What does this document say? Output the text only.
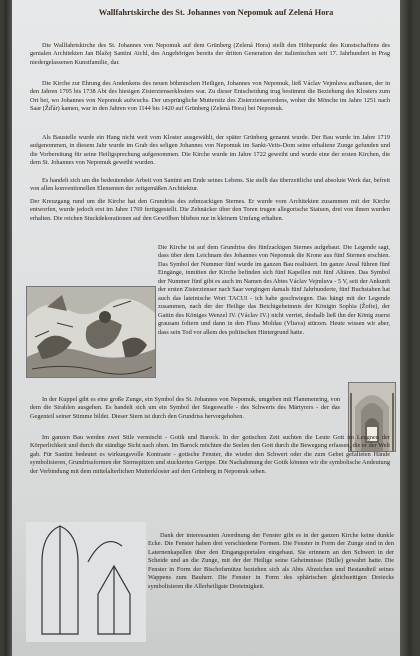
Wallfahrtskirche des St. Johannes von Nepomuk auf Zelená Hora

Die Wallfahrtskirche des St. Johannes von Nepomuk auf dem Grünberg (Zelená Hora) stellt den Höhepunkt des Kunstschaffens des genialen Architekten Jan Blažej Santini Aichl, des Angehörigen bereits der dritten Generation der italienischen seit 17. Jahrhundert in Prag niedergelassenen Kunstfamilie, dar.

Die Kirche zur Ehrung des Andenkens des neuen böhmischen Heiligen, Johannes von Nepomuk, ließ Václav Vejmluva aufbauen, der in den Jahren 1705 bis 1738 Abt des hiesigen Zisterzienserklosters war. Zu dieser Entscheidung trug bestimmt die Beziehung des Klosters zum Ort bei, wo Johannes von Nepomuk aufwuchs. Der ursprüngliche Muttersitz des Zisterzienserordens, woher die Mönche im Jahre 1251 nach Saar (Žďár) kamen, war in den Jahren von 1144 bis 1420 auf Grünberg (Zelená Hora) bei Nepomuk.

Als Baustelle wurde ein Hang nicht weit vom Kloster ausgewählt, der später Grünberg genannt wurde. Der Bau wurde im Jahre 1719 aufgenommen, in diesem Jahr wurde im Grab des seligen Johannes von Nepomuk im Sankt-Veits-Dom seine erhaltene Zunge gefunden und die Vorbereitung für seine Heiligsprechung aufgenommen. Die Kirche wurde im Jahre 1722 geweiht und wurde eine der ersten Kirchen, die dem St. Johannes von Nepomuk geweiht wurden.

Es handelt sich um die bedeutendste Arbeit von Santini am Ende seines Lebens. Sie stellt das überzeitliche und absolute Werk dar, befreit von allen konventionellen Elementen der zeitgemäßen Architektur.

Der Kreuzgang rund um die Kirche hat den Grundriss des zehnzackigen Sternes. Er wurde vom Architekten zusammen mit der Kirche entworfen, wurde jedoch erst im Jahre 1769 fertiggestellt. Die Zehnäcker über den Toren trugen allegorische Statuen, drei von ihnen wurden erhalten. Die reichen Stuckdekorationen auf den Gewölben blieben nur in kleinem Umfang erhalten.

Die Kirche ist auf dem Grundriss des fünfzackigen Sternes aufgebaut. Die Legende sagt, dass über dem Leichnam des Johannes von Nepomuk die Krone aus fünf Sternen erschien. Das Symbol der Nummer fünf wurde im ganzen Bau realisiert. Im ganze Areal führen fünf Eingänge, inmitten der Kirche befinden sich fünf Kapellen mit fünf Altären. Das Symbol der Nummer fünf gibt es auch im Namen des Abtes Václav Vejmluva - 5 V, seit der Ankunft der ersten Zisterzienser nach Saar vergingen damals fünf Jahrhunderte, fünf Buchstaben hat auch das lateinische Wort TACUI - ich habe geschwiegen. Das hängt mit der Legende zusammen, nach der der Heilige das Beichtgeheimnis der Königin Sophia (Žofie), der Gattin des Königes Wenzel IV. (Václav IV.) nicht verriet, deshalb ließ ihn der König zuerst grausam foltern und dann in den Fluss Moldau (Vltava) stürzen. Heute wissen wir aber, dass sein Tod vor allem des politischen Hintergrund hatte.

In der Kuppel gibt es eine große Zunge, ein Symbol des St. Johannes von Nepomuk, umgeben mit Flammenring, von dem die Strahlen ausgehen. Es handelt sich um ein Symbol der Siegeswaffe - des Schwerts des Märtyrers - der das Gegenteil seiner Stimme bildet. Dieser Stern ist durch den Grundriss hervorgehoben.

Im ganzen Bau werden zwei Stile vermischt - Gotik und Barock. In der gotischen Zeit suchten die Leute Gott im Leugnen der Körperlichkeit und durch die ständige Sicht nach oben. Im Barock möchten die Seelen den Gott durch die Bewegung erfassen, die er der Welt gab. Für Santini bedeutet es wirkungsvolle Kontraste - gotische Fenster, die wieder den Schwert oder die zum Gebet gefalteten Hände symbolisieren, Grundrissformen der Sternspitzen und stuckiertes Gerippe. Die Nachahmung der Gotik können wir die symbolische Andeutung der Verbindung mit dem mittelalterlichen Mutterkloster auf den Grünberg in Nepomuk sehen.

Dank der interessanten Anordnung der Fenster gibt es in der ganzen Kirche keine dunkle Ecke. Die Fenster haben drei verschiedene Formen. Die Fenster in Form der Zunge sind in den Laternenkapellen über den Eingangsportalen eingebaut. Sie erinnern an den Schwert in der Scheide und an die Zunge, mit der der Heilige seine Geheimnisse (Stille) gewahrt hatte. Die Fenster in Form der Bischofsmütze beziehen sich als Abts Abzeichen und Bestandteil seines Wappens zum Bauherr. Die Fenster in Form des sphärischen gleichseitigen Dreiecks symbolisieren die Allerheiligste Dreieinigkeit.
